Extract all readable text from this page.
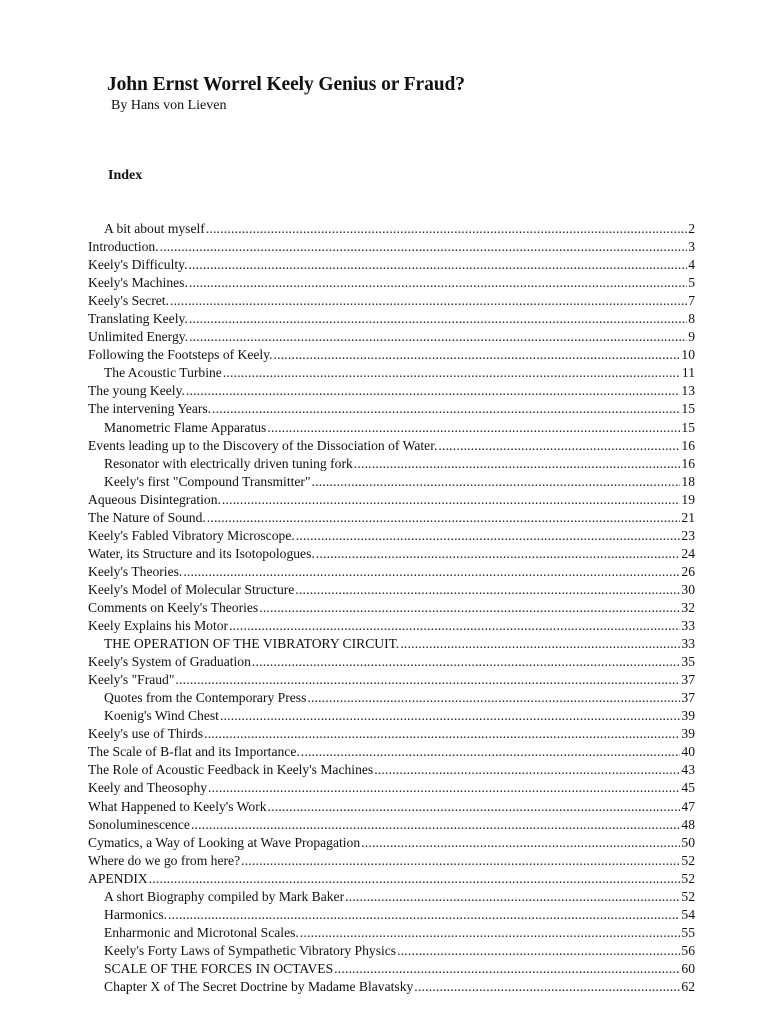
John Ernst Worrel Keely Genius or Fraud?
By Hans von Lieven
Index
A bit about myself .....	2
Introduction. .....	3
Keely's Difficulty. .....	4
Keely's Machines. .....	5
Keely's Secret. .....	7
Translating Keely. .....	8
Unlimited Energy. .....	9
Following the Footsteps of Keely. .....	10
The Acoustic Turbine .....	11
The young Keely. .....	13
The intervening Years. .....	15
Manometric Flame Apparatus .....	15
Events leading up to the Discovery of the Dissociation of Water. .....	16
Resonator with electrically driven tuning fork .....	16
Keely's first "Compound Transmitter" .....	18
Aqueous Disintegration. .....	19
The Nature of Sound. .....	21
Keely's Fabled Vibratory Microscope. .....	23
Water, its Structure and its Isotopologues. .....	24
Keely's Theories. .....	26
Keely's Model of Molecular Structure .....	30
Comments on Keely's Theories .....	32
Keely Explains his Motor .....	33
THE OPERATION OF THE VIBRATORY CIRCUIT. .....	33
Keely's System of Graduation .....	35
Keely's "Fraud" .....	37
Quotes from the Contemporary Press .....	37
Koenig's Wind Chest .....	39
Keely's use of Thirds .....	39
The Scale of B-flat and its Importance. .....	40
The Role of Acoustic Feedback in Keely's Machines .....	43
Keely and Theosophy .....	45
What Happened to Keely's Work .....	47
Sonoluminescence .....	48
Cymatics, a Way of Looking at Wave Propagation .....	50
Where do we go from here? .....	52
APENDIX .....	52
A short Biography compiled by Mark Baker .....	52
Harmonics. .....	54
Enharmonic and Microtonal Scales. .....	55
Keely's Forty Laws of Sympathetic Vibratory Physics .....	56
SCALE OF THE FORCES IN OCTAVES .....	60
Chapter X of The Secret Doctrine by Madame Blavatsky .....	62
